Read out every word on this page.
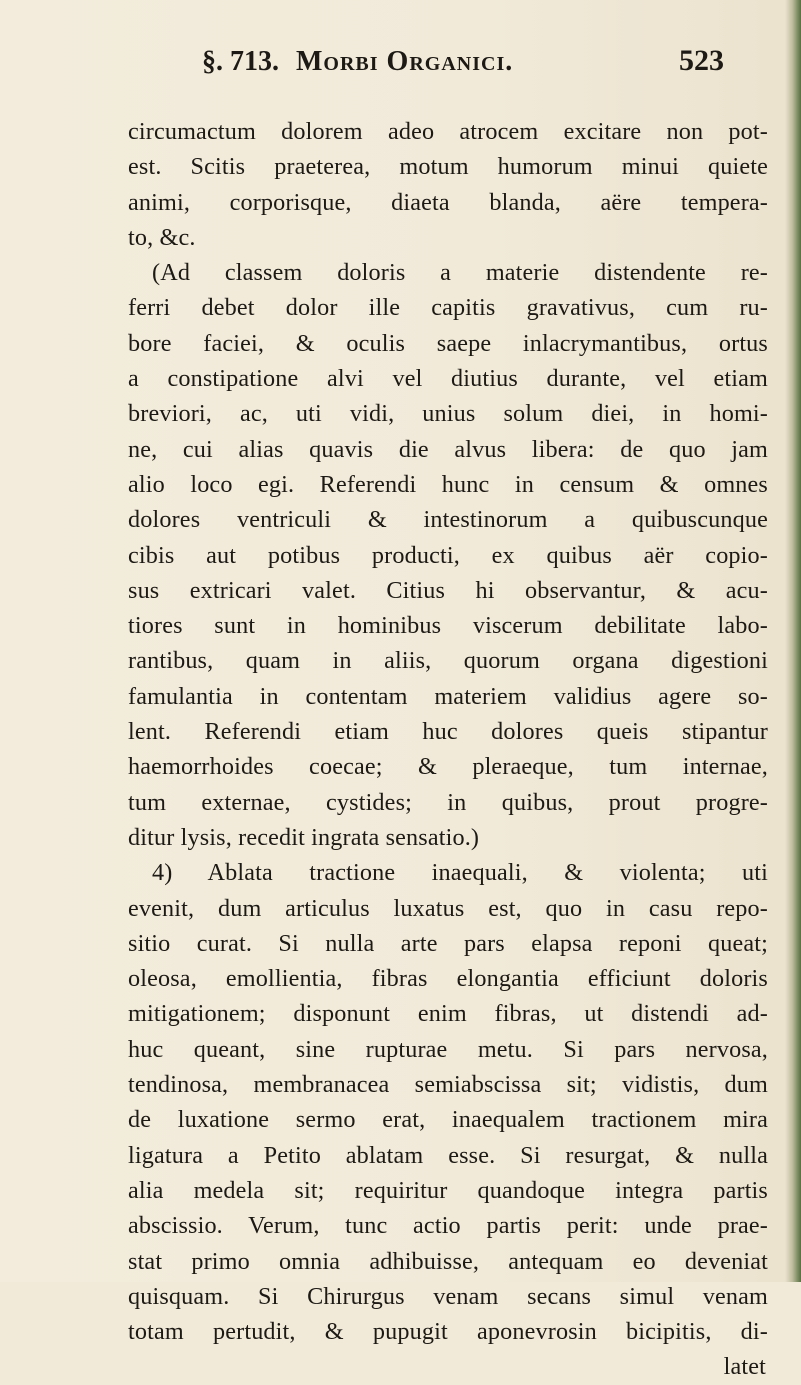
§. 713. Morbi Organici.	523
circumactum dolorem adeo atrocem excitare non pot-
est. Scitis praeterea, motum humorum minui quiete
animi, corporisque, diaeta blanda, aëre tempera-
to, &c.
(Ad classem doloris a materie distendente re-
ferri debet dolor ille capitis gravativus, cum ru-
bore faciei, & oculis saepe inlacrymantibus, ortus
a constipatione alvi vel diutius durante, vel etiam
breviori, ac, uti vidi, unius solum diei, in homi-
ne, cui alias quavis die alvus libera: de quo jam
alio loco egi. Referendi hunc in censum & omnes
dolores ventriculi & intestinorum a quibuscunque
cibis aut potibus producti, ex quibus aër copio-
sus extricari valet. Citius hi observantur, & acu-
tiores sunt in hominibus viscerum debilitate labo-
rantibus, quam in aliis, quorum organa digestioni
famulantia in contentam materiem validius agere so-
lent. Referendi etiam huc dolores queis stipantur
haemorrhoides coecae; & pleraeque, tum internae,
tum externae, cystides; in quibus, prout progre-
ditur lysis, recedit ingrata sensatio.)
4) Ablata tractione inaequali, & violenta; uti
evenit, dum articulus luxatus est, quo in casu repo-
sitio curat. Si nulla arte pars elapsa reponi queat;
oleosa, emollientia, fibras elongantia efficiunt doloris
mitigationem; disponunt enim fibras, ut distendi ad-
huc queant, sine rupturae metu. Si pars nervosa,
tendinosa, membranacea semiabscissa sit; vidistis, dum
de luxatione sermo erat, inaequalem tractionem mira
ligatura a Petito ablatam esse. Si resurgat, & nulla
alia medela sit; requiritur quandoque integra partis
abscissio. Verum, tunc actio partis perit: unde prae-
stat primo omnia adhibuisse, antequam eo deveniat
quisquam. Si Chirurgus venam secans simul venam
totam pertudit, & pupugit aponevrosin bicipitis, di-
latet
